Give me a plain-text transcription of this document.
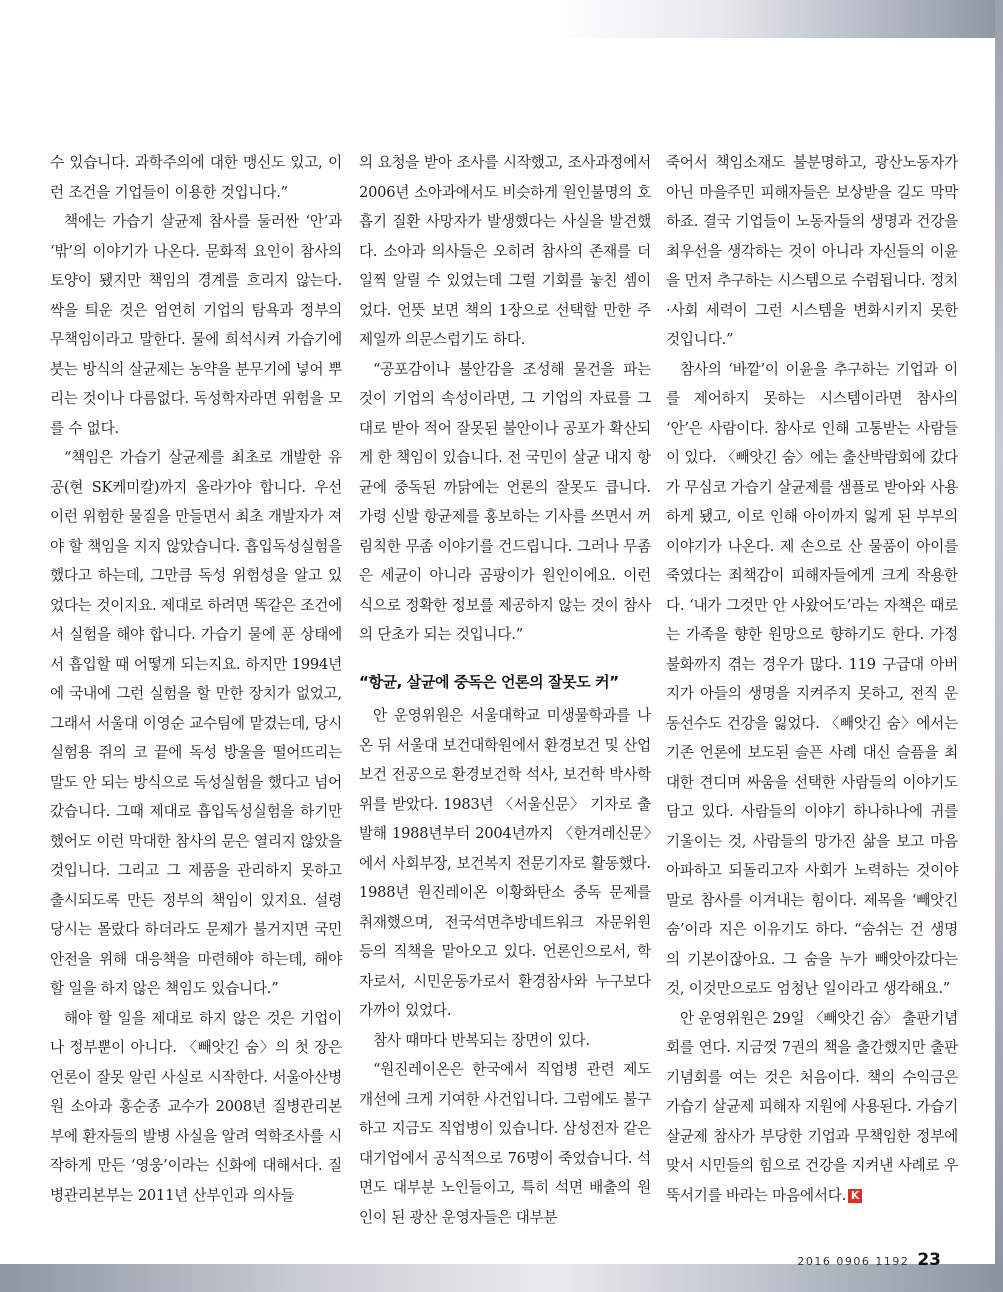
수 있습니다. 과학주의에 대한 맹신도 있고, 이런 조건을 기업들이 이용한 것입니다.”

책에는 가습기 살균제 참사를 둘러싼 ‘안’과 ‘밖’의 이야기가 나온다. 문화적 요인이 참사의 토양이 됐지만 책임의 경계를 흐리지 않는다. 싹을 틔운 것은 엄연히 기업의 탐욕과 정부의 무책임이라고 말한다. 물에 희석시켜 가습기에 붓는 방식의 살균제는 농약을 분무기에 넣어 뿌리는 것이나 다름없다. 독성학자라면 위험을 모를 수 없다.

“책임은 가습기 살균제를 최초로 개발한 유공(현 SK케미칼)까지 올라가야 합니다. 우선 이런 위험한 물질을 만들면서 최초 개발자가 져야 할 책임을 지지 않았습니다. 흡입독성실험을 했다고 하는데, 그만큼 독성 위험성을 알고 있었다는 것이지요. 제대로 하려면 똑같은 조건에서 실험을 해야 합니다. 가습기 물에 푼 상태에서 흡입할 때 어떻게 되는지요. 하지만 1994년에 국내에 그런 실험을 할 만한 장치가 없었고, 그래서 서울대 이영순 교수팀에 맡겼는데, 당시 실험용 쥐의 코 끝에 독성 방울을 떨어뜨리는 말도 안 되는 방식으로 독성실험을 했다고 넘어갔습니다. 그때 제대로 흡입독성실험을 하기만 했어도 이런 막대한 참사의 문은 열리지 않았을 것입니다. 그리고 그 제품을 관리하지 못하고 출시되도록 만든 정부의 책임이 있지요. 설령 당시는 몰랐다 하더라도 문제가 불거지면 국민 안전을 위해 대응책을 마련해야 하는데, 해야 할 일을 하지 않은 책임도 있습니다.”

해야 할 일을 제대로 하지 않은 것은 기업이나 정부뿐이 아니다. 〈빼앗긴 숨〉의 첫 장은 언론이 잘못 알린 사실로 시작한다. 서울아산병원 소아과 홍순종 교수가 2008년 질병관리본부에 환자들의 발병 사실을 알려 역학조사를 시작하게 만든 ‘영웅’이라는 신화에 대해서다. 질병관리본부는 2011년 산부인과 의사들

의 요청을 받아 조사를 시작했고, 조사과정에서 2006년 소아과에서도 비슷하게 원인불명의 호흡기 질환 사망자가 발생했다는 사실을 발견했다. 소아과 의사들은 오히려 참사의 존재를 더 일찍 알릴 수 있었는데 그럴 기회를 놓친 셈이었다. 언뜻 보면 책의 1장으로 선택할 만한 주제일까 의문스럽기도 하다.

“공포감이나 불안감을 조성해 물건을 파는 것이 기업의 속성이라면, 그 기업의 자료를 그대로 받아 적어 잘못된 불안이나 공포가 확산되게 한 책임이 있습니다. 전 국민이 살균 내지 항균에 중독된 까닭에는 언론의 잘못도 큽니다. 가령 신발 항균제를 홍보하는 기사를 쓰면서 꺼림칙한 무좀 이야기를 건드립니다. 그러나 무좀은 세균이 아니라 곰팡이가 원인이에요. 이런 식으로 정확한 정보를 제공하지 않는 것이 참사의 단초가 되는 것입니다.”

“항균, 살균에 중독은 언론의 잘못도 커”

안 운영위원은 서울대학교 미생물학과를 나온 뒤 서울대 보건대학원에서 환경보건 및 산업보건 전공으로 환경보건학 석사, 보건학 박사학위를 받았다. 1983년 〈서울신문〉 기자로 출발해 1988년부터 2004년까지 〈한겨레신문〉에서 사회부장, 보건복지 전문기자로 활동했다. 1988년 원진레이온 이황화탄소 중독 문제를 취재했으며, 전국석면추방네트워크 자문위원 등의 직책을 맡아오고 있다. 언론인으로서, 학자로서, 시민운동가로서 환경참사와 누구보다 가까이 있었다.

참사 때마다 반복되는 장면이 있다.

“원진레이온은 한국에서 직업병 관련 제도 개선에 크게 기여한 사건입니다. 그럼에도 불구하고 지금도 직업병이 있습니다. 삼성전자 같은 대기업에서 공식적으로 76명이 죽었습니다. 석면도 대부분 노인들이고, 특히 석면 배출의 원인이 된 광산 운영자들은 대부분

죽어서 책임소재도 불분명하고, 광산노동자가 아닌 마을주민 피해자들은 보상받을 길도 막막하죠. 결국 기업들이 노동자들의 생명과 건강을 최우선을 생각하는 것이 아니라 자신들의 이윤을 먼저 추구하는 시스템으로 수렴됩니다. 정치·사회 세력이 그런 시스템을 변화시키지 못한 것입니다.”

참사의 ‘바깥’이 이윤을 추구하는 기업과 이를 제어하지 못하는 시스템이라면 참사의 ‘안’은 사람이다. 참사로 인해 고통받는 사람들이 있다. 〈빼앗긴 숨〉에는 출산박람회에 갔다가 무심코 가습기 살균제를 샘플로 받아와 사용하게 됐고, 이로 인해 아이까지 잃게 된 부부의 이야기가 나온다. 제 손으로 산 물품이 아이를 죽였다는 죄책감이 피해자들에게 크게 작용한다. ‘내가 그것만 안 사왔어도’라는 자책은 때로는 가족을 향한 원망으로 향하기도 한다. 가정불화까지 겪는 경우가 많다. 119 구급대 아버지가 아들의 생명을 지켜주지 못하고, 전직 운동선수도 건강을 잃었다. 〈빼앗긴 숨〉에서는 기존 언론에 보도된 슬픈 사례 대신 슬픔을 최대한 견디며 싸움을 선택한 사람들의 이야기도 담고 있다. 사람들의 이야기 하나하나에 귀를 기울이는 것, 사람들의 망가진 삶을 보고 마음 아파하고 되돌리고자 사회가 노력하는 것이야말로 참사를 이겨내는 힘이다. 제목을 ‘빼앗긴 숨’이라 지은 이유기도 하다. “숨쉬는 건 생명의 기본이잖아요. 그 숨을 누가 빼앗아갔다는 것, 이것만으로도 엄청난 일이라고 생각해요.”

안 운영위원은 29일 〈빼앗긴 숨〉 출판기념회를 연다. 지금껏 7권의 책을 출간했지만 출판기념회를 여는 것은 처음이다. 책의 수익금은 가습기 살균제 피해자 지원에 사용된다. 가습기 살균제 참사가 부당한 기업과 무책임한 정부에 맞서 시민들의 힘으로 건강을 지켜낸 사례로 우뚝서기를 바라는 마음에서다. K

2016 0906 1192 23
